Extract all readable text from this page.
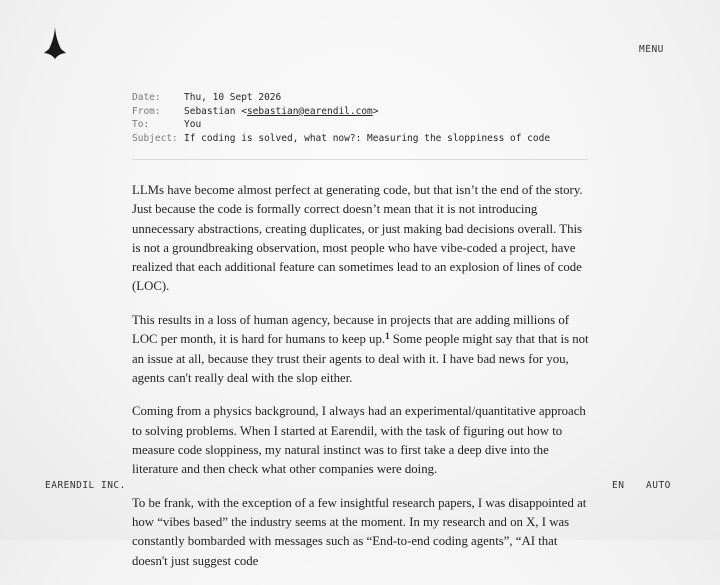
MENU
Date:	Thu, 10 Sept 2026
From:	Sebastian <sebastian@earendil.com>
To:	You
Subject: If coding is solved, what now?: Measuring the sloppiness of code

LLMs have become almost perfect at generating code, but that isn’t the end of the story. Just because the code is formally correct doesn’t mean that it is not introducing unnecessary abstractions, creating duplicates, or just making bad decisions overall. This is not a groundbreaking observation, most people who have vibe-coded a project, have realized that each additional feature can sometimes lead to an explosion of lines of code (LOC).

This results in a loss of human agency, because in projects that are adding millions of LOC per month, it is hard for humans to keep up.$^1$ Some people might say that that is not an issue at all, because they trust their agents to deal with it. I have bad news for you, agents can't really deal with the slop either.

Coming from a physics background, I always had an experimental/quantitative approach to solving problems. When I started at Earendil, with the task of figuring out how to measure code sloppiness, my natural instinct was to first take a deep dive into the literature and then check what other companies were doing.

To be frank, with the exception of a few insightful research papers, I was disappointed at how “vibes based” the industry seems at the moment. In my research and on X, I was constantly bombarded with messages such as “End-to-end coding agents”, “AI that doesn't just suggest code

EARENDIL INC.	EN AUTO
